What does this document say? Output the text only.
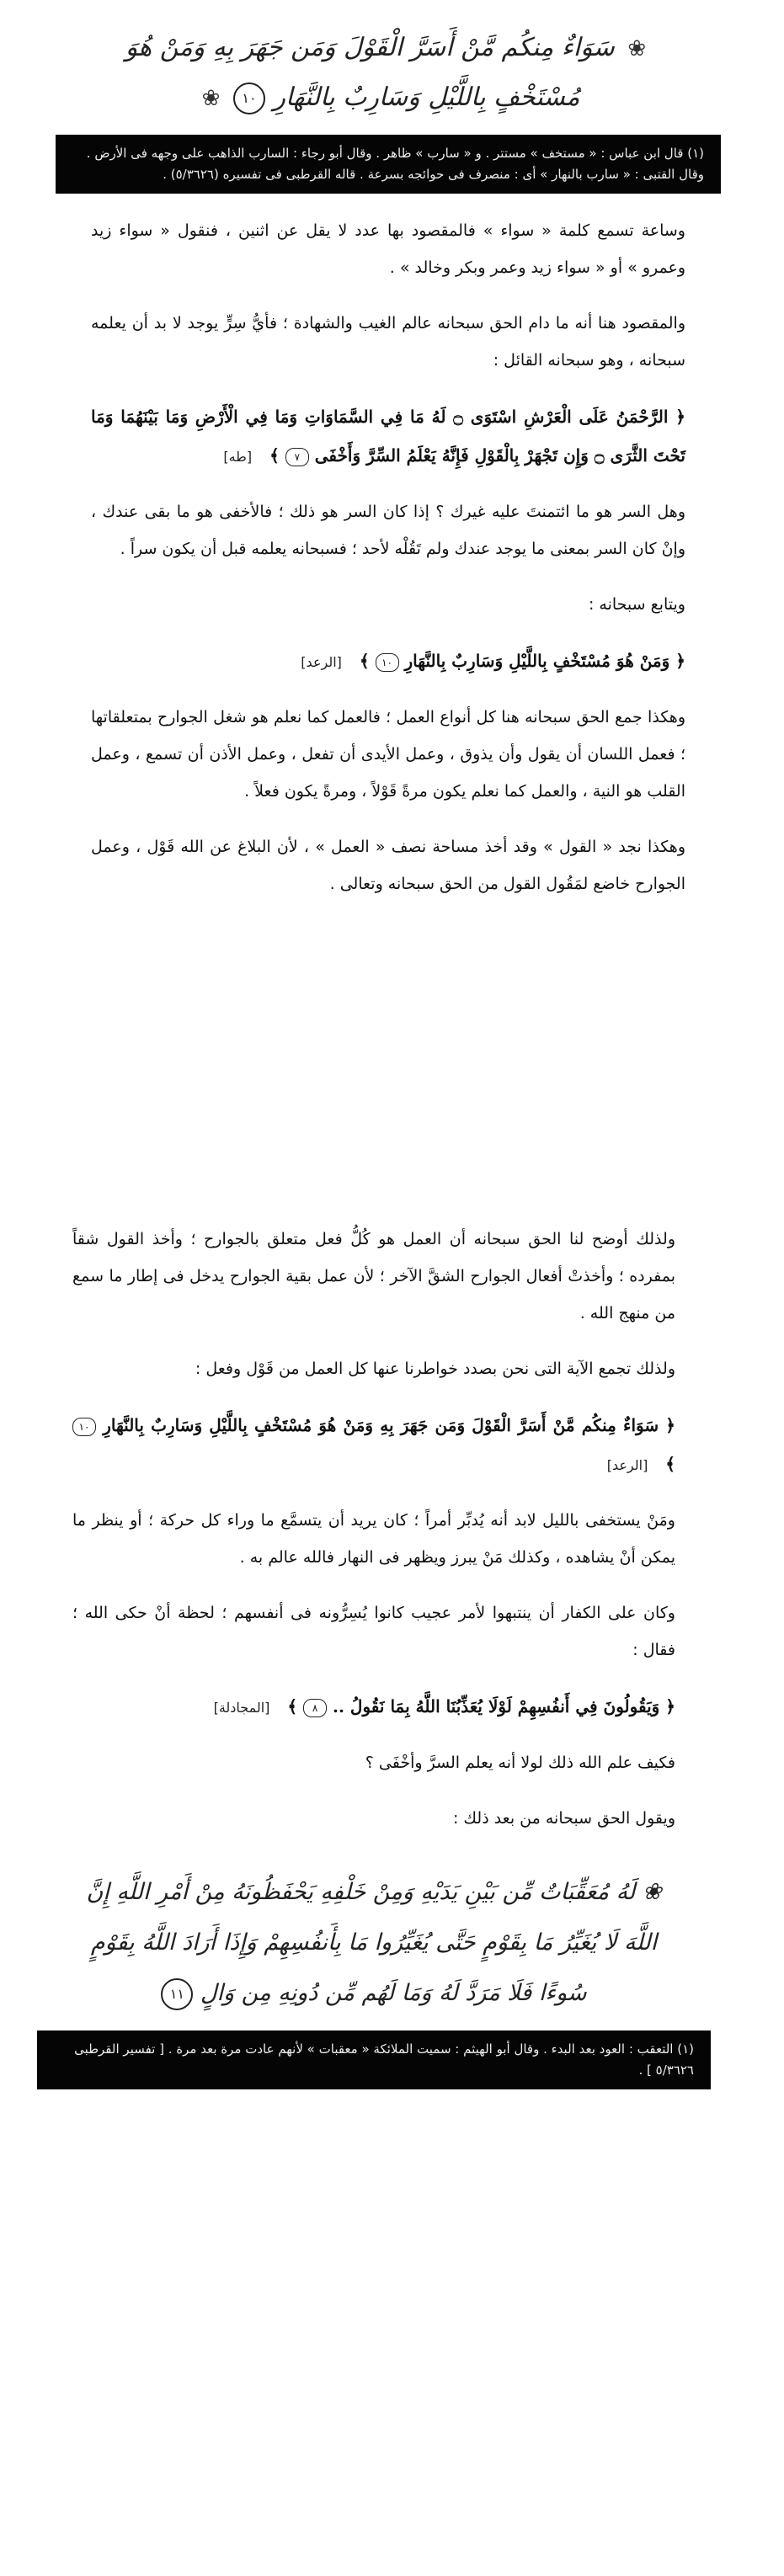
❀ سَوَاءٌ مِنكُم مَّنْ أَسَرَّ الْقَوْلَ وَمَن جَهَرَ بِهِ وَمَنْ هُوَ مُسْتَخْفٍ بِاللَّيْلِ وَسَارِبٌ بِالنَّهَارِ ١٠ ❀
(١) قال ابن عباس : « مستخف » مستتر . و « سارب » ظاهر . وقال أبو رجاء : السارب الذاهب على وجهه فى الأرض . وقال القتبى : « سارب بالنهار » أى : منصرف فى حوائجه بسرعة . قاله القرطبى فى تفسيره (٥/٣٦٢٦) .

وساعة تسمع كلمة « سواء » فالمقصود بها عدد لا يقل عن اثنين ، فنقول « سواء زيد وعمرو » أو « سواء زيد وعمر وبكر وخالد » .

والمقصود هنا أنه ما دام الحق سبحانه عالم الغيب والشهادة ؛ فأيُّ سِرٍّ يوجد لا بد أن يعلمه سبحانه ، وهو سبحانه القائل :

﴿ الرَّحْمَنُ عَلَى الْعَرْشِ اسْتَوَى ۝ لَهُ مَا فِي السَّمَاوَاتِ وَمَا فِي الْأَرْضِ وَمَا بَيْنَهُمَا وَمَا تَحْتَ الثَّرَى ۝ وَإِن تَجْهَرْ بِالْقَوْلِ فَإِنَّهُ يَعْلَمُ السِّرَّ وَأَخْفَى ٧ ﴾ [طه]

وهل السر هو ما ائتمنتَ عليه غيرك ؟ إذا كان السر هو ذلك ؛ فالأخفى هو ما بقى عندك ، وإنْ كان السر بمعنى ما يوجد عندك ولم تَقُلْه لأحد ؛ فسبحانه يعلمه قبل أن يكون سراً .

ويتابع سبحانه :

﴿ وَمَنْ هُوَ مُسْتَخْفٍ بِاللَّيْلِ وَسَارِبٌ بِالنَّهَارِ ١٠ ﴾ [الرعد]

وهكذا جمع الحق سبحانه هنا كل أنواع العمل ؛ فالعمل كما نعلم هو شغل الجوارح بمتعلقاتها ؛ فعمل اللسان أن يقول وأن يذوق ، وعمل الأيدى أن تفعل ، وعمل الأذن أن تسمع ، وعمل القلب هو النية ، والعمل كما نعلم يكون مرةً قَوْلاً ، ومرةً يكون فعلاً .

وهكذا نجد « القول » وقد أخذ مساحة نصف « العمل » ، لأن البلاغ عن الله قَوْل ، وعمل الجوارح خاضع لمَقُول القول من الحق سبحانه وتعالى .

ولذلك أوضح لنا الحق سبحانه أن العمل هو كُلُّ فعل متعلق بالجوارح ؛ وأخذ القول شقاً بمفرده ؛ وأخذتْ أفعال الجوارح الشقَّ الآخر ؛ لأن عمل بقية الجوارح يدخل فى إطار ما سمع من منهج الله .

ولذلك تجمع الآية التى نحن بصدد خواطرنا عنها كل العمل من قَوْل وفعل :

﴿ سَوَاءٌ مِنكُم مَّنْ أَسَرَّ الْقَوْلَ وَمَن جَهَرَ بِهِ وَمَنْ هُوَ مُسْتَخْفٍ بِاللَّيْلِ وَسَارِبٌ بِالنَّهَارِ ١٠ ﴾ [الرعد]

ومَنْ يستخفى بالليل لابد أنه يُدبِّر أمراً ؛ كان يريد أن يتسمَّع ما وراء كل حركة ؛ أو ينظر ما يمكن أنْ يشاهده ، وكذلك مَنْ يبرز ويظهر فى النهار فالله عالم به .

وكان على الكفار أن ينتبهوا لأمر عجيب كانوا يُسِرُّونه فى أنفسهم ؛ لحظة أنْ حكى الله ؛ فقال :

﴿ وَيَقُولُونَ فِي أَنفُسِهِمْ لَوْلَا يُعَذِّبُنَا اللَّهُ بِمَا نَقُولُ .. ٨ ﴾ [المجادلة]

فكيف علم الله ذلك لولا أنه يعلم السرَّ وأخْفَى ؟

ويقول الحق سبحانه من بعد ذلك :

❀ لَهُ مُعَقِّبَاتٌ مِّن بَيْنِ يَدَيْهِ وَمِنْ خَلْفِهِ يَحْفَظُونَهُ مِنْ أَمْرِ اللَّهِ إِنَّ اللَّهَ لَا يُغَيِّرُ مَا بِقَوْمٍ حَتَّى يُغَيِّرُوا مَا بِأَنفُسِهِمْ وَإِذَا أَرَادَ اللَّهُ بِقَوْمٍ سُوءًا فَلَا مَرَدَّ لَهُ وَمَا لَهُم مِّن دُونِهِ مِن وَالٍ ١١
(١) التعقب : العود بعد البدء . وقال أبو الهيثم : سميت الملائكة « معقبات » لأنهم عادت مرة بعد مرة . [ تفسير القرطبى ٥/٣٦٢٦ ] .
